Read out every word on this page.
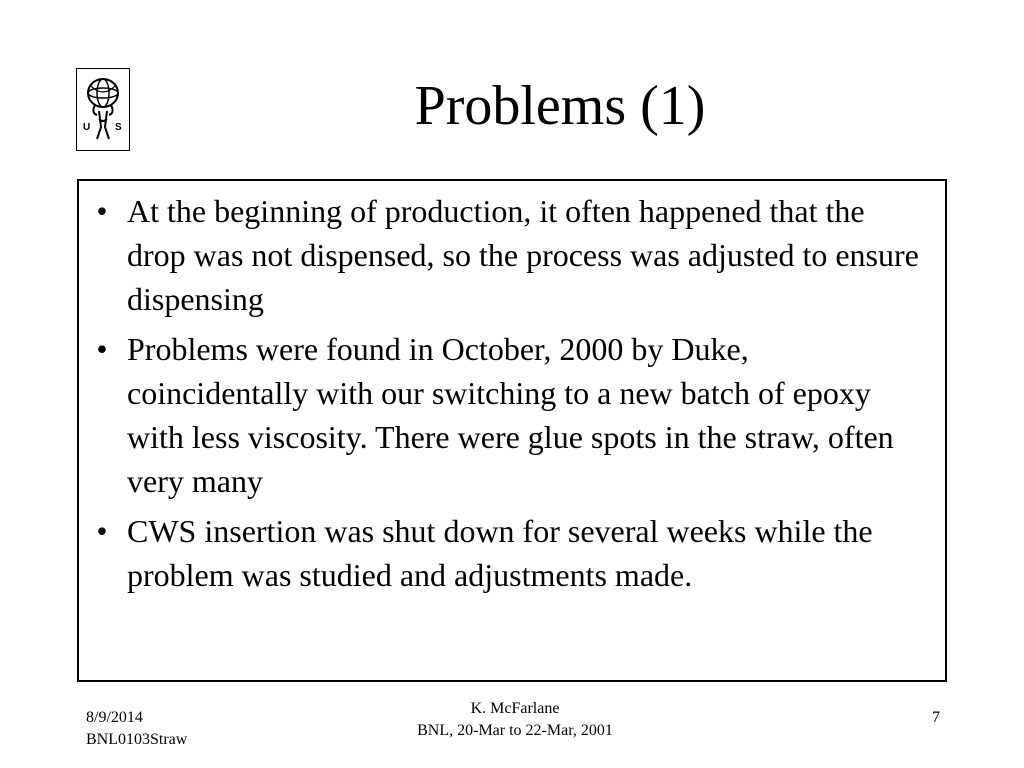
U S	Problems (1)
• At the beginning of production, it often happened that the drop was not dispensed, so the process was adjusted to ensure dispensing
• Problems were found in October, 2000 by Duke, coincidentally with our switching to a new batch of epoxy with less viscosity. There were glue spots in the straw, often very many
• CWS insertion was shut down for several weeks while the problem was studied and adjustments made.
8/9/2014
BNL0103Straw
K. McFarlane
BNL, 20-Mar to 22-Mar, 2001
7
